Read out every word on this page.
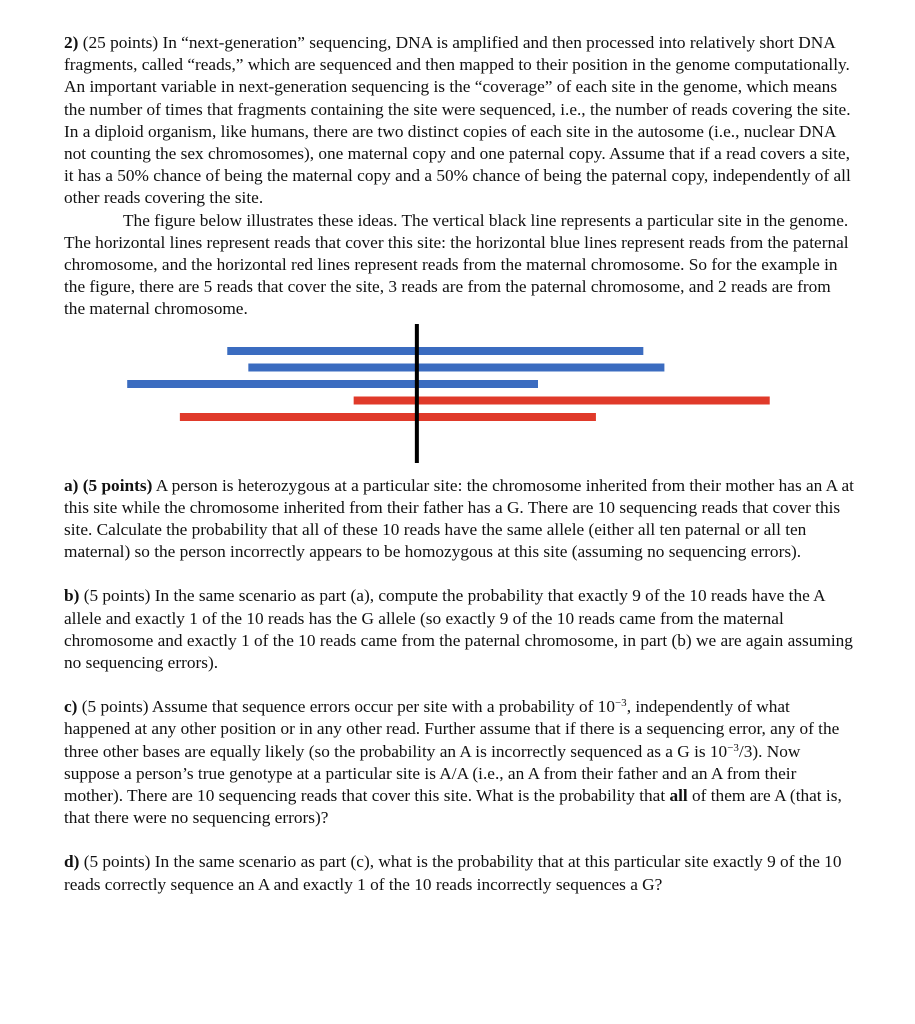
2) (25 points) In “next-generation” sequencing, DNA is amplified and then processed into relatively short DNA fragments, called “reads,” which are sequenced and then mapped to their position in the genome computationally. An important variable in next-generation sequencing is the “coverage” of each site in the genome, which means the number of times that fragments containing the site were sequenced, i.e., the number of reads covering the site. In a diploid organism, like humans, there are two distinct copies of each site in the autosome (i.e., nuclear DNA not counting the sex chromosomes), one maternal copy and one paternal copy. Assume that if a read covers a site, it has a 50% chance of being the maternal copy and a 50% chance of being the paternal copy, independently of all other reads covering the site.

The figure below illustrates these ideas. The vertical black line represents a particular site in the genome. The horizontal lines represent reads that cover this site: the horizontal blue lines represent reads from the paternal chromosome, and the horizontal red lines represent reads from the maternal chromosome. So for the example in the figure, there are 5 reads that cover the site, 3 reads are from the paternal chromosome, and 2 reads are from the maternal chromosome.

a) (5 points) A person is heterozygous at a particular site: the chromosome inherited from their mother has an A at this site while the chromosome inherited from their father has a G. There are 10 sequencing reads that cover this site. Calculate the probability that all of these 10 reads have the same allele (either all ten paternal or all ten maternal) so the person incorrectly appears to be homozygous at this site (assuming no sequencing errors).

b) (5 points) In the same scenario as part (a), compute the probability that exactly 9 of the 10 reads have the A allele and exactly 1 of the 10 reads has the G allele (so exactly 9 of the 10 reads came from the maternal chromosome and exactly 1 of the 10 reads came from the paternal chromosome, in part (b) we are again assuming no sequencing errors).

c) (5 points) Assume that sequence errors occur per site with a probability of $10^{-3}$, independently of what happened at any other position or in any other read. Further assume that if there is a sequencing error, any of the three other bases are equally likely (so the probability an A is incorrectly sequenced as a G is $10^{-3}/3$). Now suppose a person’s true genotype at a particular site is A/A (i.e., an A from their father and an A from their mother). There are 10 sequencing reads that cover this site. What is the probability that all of them are A (that is, that there were no sequencing errors)?

d) (5 points) In the same scenario as part (c), what is the probability that at this particular site exactly 9 of the 10 reads correctly sequence an A and exactly 1 of the 10 reads incorrectly sequences a G?
